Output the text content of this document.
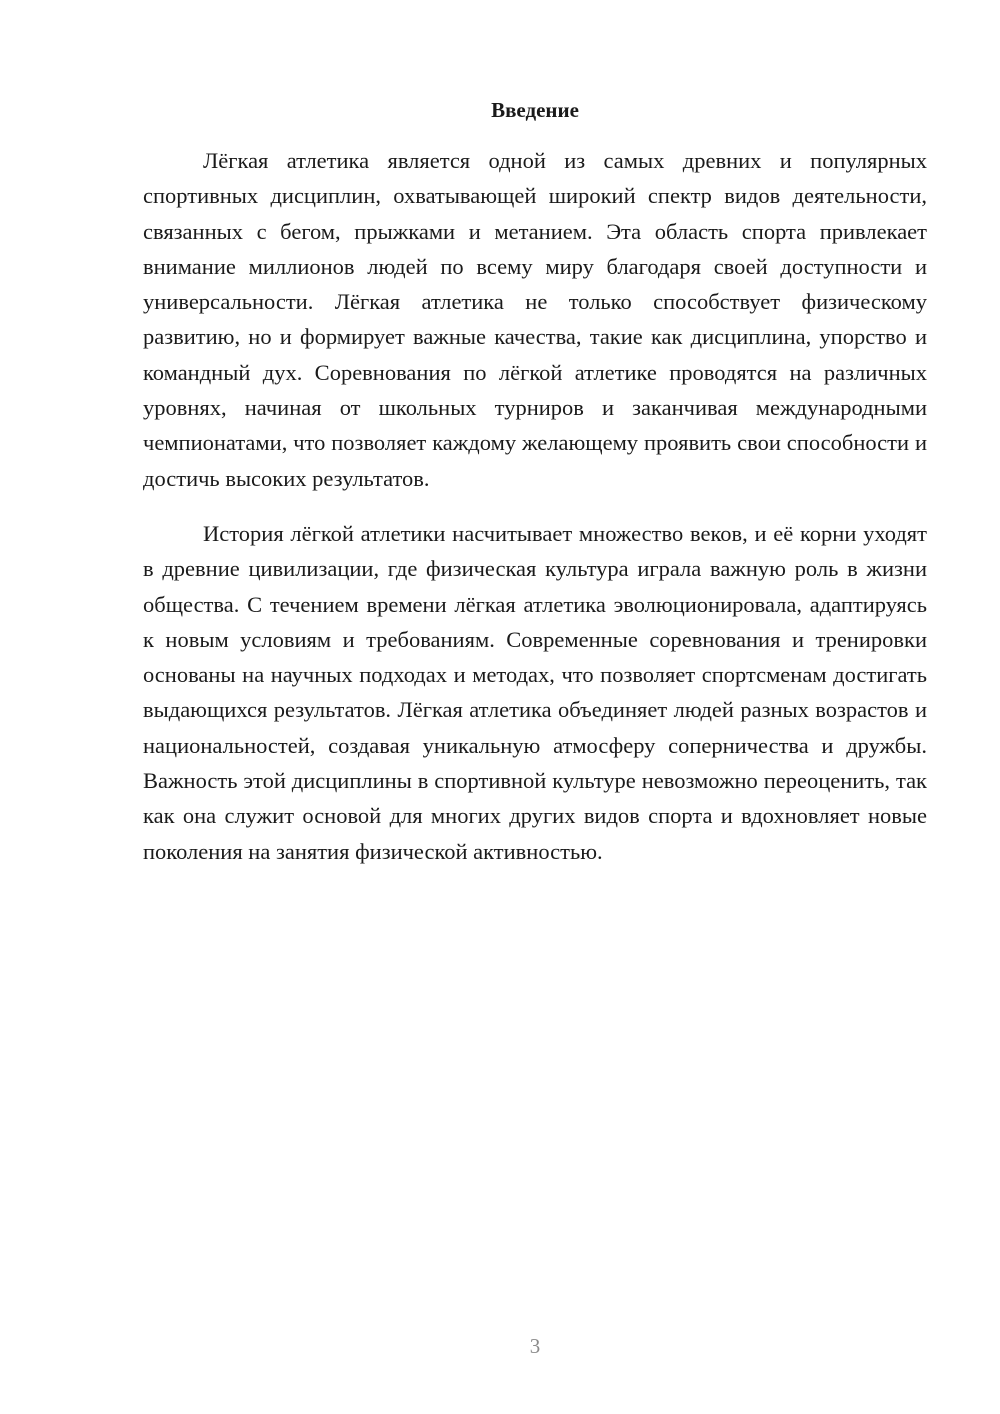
Введение

Лёгкая атлетика является одной из самых древних и популярных спортивных дисциплин, охватывающей широкий спектр видов деятельности, связанных с бегом, прыжками и метанием. Эта область спорта привлекает внимание миллионов людей по всему миру благодаря своей доступности и универсальности. Лёгкая атлетика не только способствует физическому развитию, но и формирует важные качества, такие как дисциплина, упорство и командный дух. Соревнования по лёгкой атлетике проводятся на различных уровнях, начиная от школьных турниров и заканчивая международными чемпионатами, что позволяет каждому желающему проявить свои способности и достичь высоких результатов.

История лёгкой атлетики насчитывает множество веков, и её корни уходят в древние цивилизации, где физическая культура играла важную роль в жизни общества. С течением времени лёгкая атлетика эволюционировала, адаптируясь к новым условиям и требованиям. Современные соревнования и тренировки основаны на научных подходах и методах, что позволяет спортсменам достигать выдающихся результатов. Лёгкая атлетика объединяет людей разных возрастов и национальностей, создавая уникальную атмосферу соперничества и дружбы. Важность этой дисциплины в спортивной культуре невозможно переоценить, так как она служит основой для многих других видов спорта и вдохновляет новые поколения на занятия физической активностью.

3
